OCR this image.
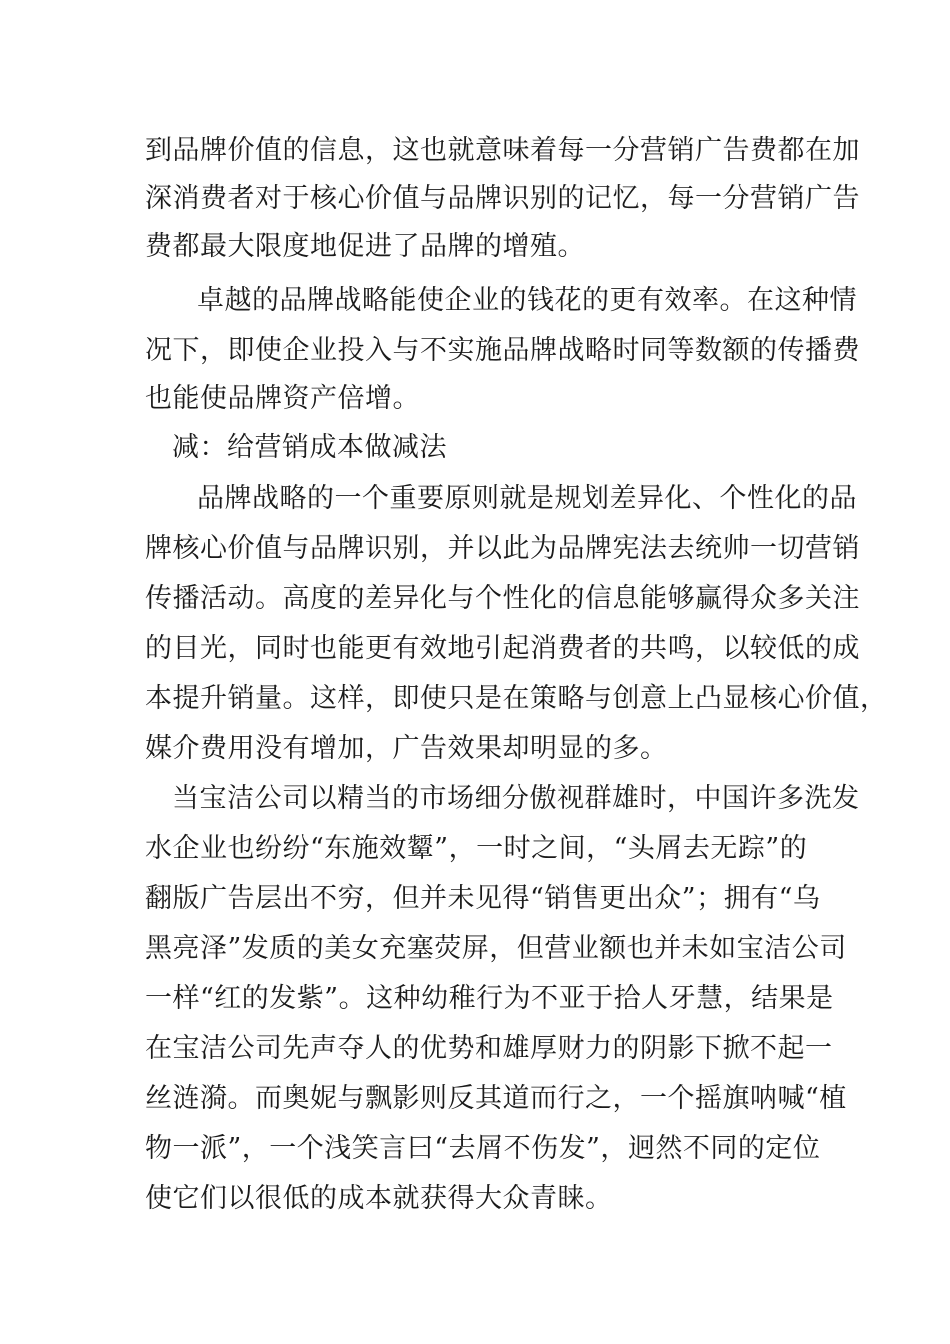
到品牌价值的信息，这也就意味着每一分营销广告费都在加
深消费者对于核心价值与品牌识别的记忆，每一分营销广告
费都最大限度地促进了品牌的增殖。
卓越的品牌战略能使企业的钱花的更有效率。在这种情
况下，即使企业投入与不实施品牌战略时同等数额的传播费
也能使品牌资产倍增。
减：给营销成本做减法
品牌战略的一个重要原则就是规划差异化、个性化的品
牌核心价值与品牌识别，并以此为品牌宪法去统帅一切营销
传播活动。高度的差异化与个性化的信息能够赢得众多关注
的目光，同时也能更有效地引起消费者的共鸣，以较低的成
本提升销量。这样，即使只是在策略与创意上凸显核心价值，
媒介费用没有增加，广告效果却明显的多。
当宝洁公司以精当的市场细分傲视群雄时，中国许多洗发
水企业也纷纷“东施效颦”，一时之间，“头屑去无踪”的
翻版广告层出不穷，但并未见得“销售更出众”；拥有“乌
黑亮泽”发质的美女充塞荧屏，但营业额也并未如宝洁公司
一样“红的发紫”。这种幼稚行为不亚于拾人牙慧，结果是
在宝洁公司先声夺人的优势和雄厚财力的阴影下掀不起一
丝涟漪。而奥妮与飘影则反其道而行之，一个摇旗呐喊“植
物一派”，一个浅笑言曰“去屑不伤发”，迥然不同的定位
使它们以很低的成本就获得大众青睐。
